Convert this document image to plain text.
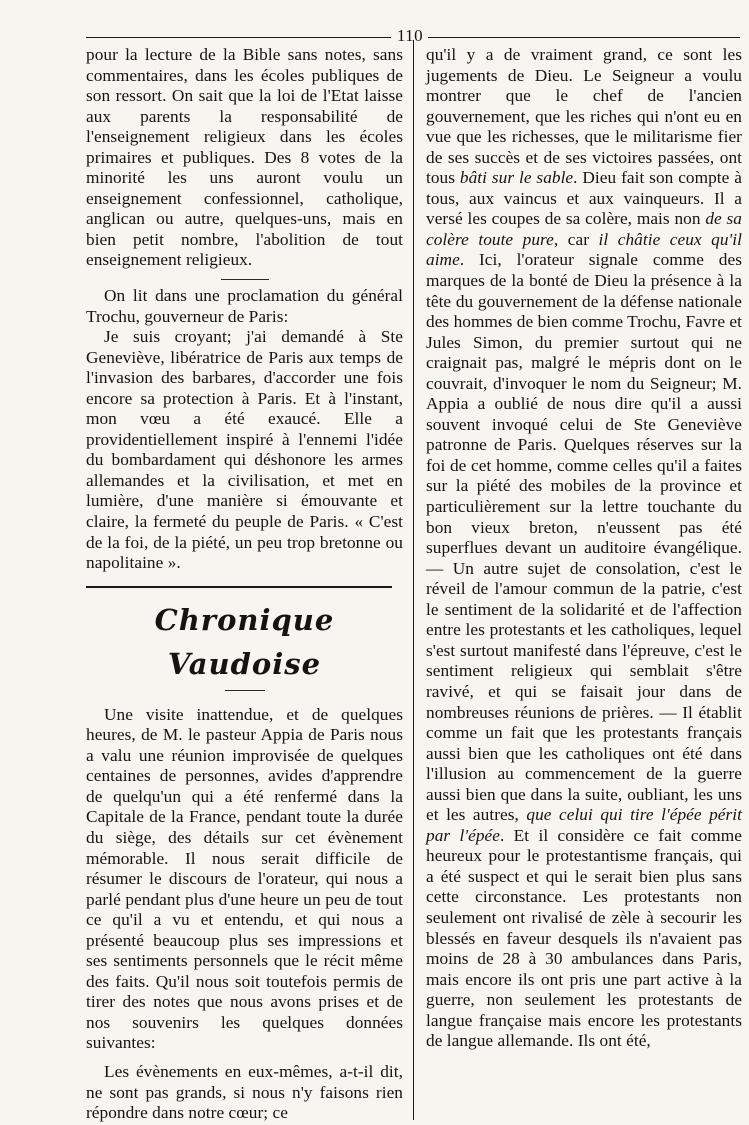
110

pour la lecture de la Bible sans notes, sans commentaires, dans les écoles publiques de son ressort. On sait que la loi de l'Etat laisse aux parents la responsabilité de l'enseignement religieux dans les écoles primaires et publiques. Des 8 votes de la minorité les uns auront voulu un enseignement confessionnel, catholique, anglican ou autre, quelques-uns, mais en bien petit nombre, l'abolition de tout enseignement religieux.

On lit dans une proclamation du général Trochu, gouverneur de Paris:

Je suis croyant; j'ai demandé à Ste Geneviève, libératrice de Paris aux temps de l'invasion des barbares, d'accorder une fois encore sa protection à Paris. Et à l'instant, mon vœu a été exaucé. Elle a providentiellement inspiré à l'ennemi l'idée du bombardament qui déshonore les armes allemandes et la civilisation, et met en lumière, d'une manière si émouvante et claire, la fermeté du peuple de Paris. « C'est de la foi, de la piété, un peu trop bretonne ou napolitaine ».

Chronique Vaudoise

Une visite inattendue, et de quelques heures, de M. le pasteur Appia de Paris nous a valu une réunion improvisée de quelques centaines de personnes, avides d'apprendre de quelqu'un qui a été renfermé dans la Capitale de la France, pendant toute la durée du siège, des détails sur cet évènement mémorable. Il nous serait difficile de résumer le discours de l'orateur, qui nous a parlé pendant plus d'une heure un peu de tout ce qu'il a vu et entendu, et qui nous a présenté beaucoup plus ses impressions et ses sentiments personnels que le récit même des faits. Qu'il nous soit toutefois permis de tirer des notes que nous avons prises et de nos souvenirs les quelques données suivantes:

Les évènements en eux-mêmes, a-t-il dit, ne sont pas grands, si nous n'y faisons rien répondre dans notre cœur; ce

qu'il y a de vraiment grand, ce sont les jugements de Dieu. Le Seigneur a voulu montrer que le chef de l'ancien gouvernement, que les riches qui n'ont eu en vue que les richesses, que le militarisme fier de ses succès et de ses victoires passées, ont tous bâti sur le sable. Dieu fait son compte à tous, aux vaincus et aux vainqueurs. Il a versé les coupes de sa colère, mais non de sa colère toute pure, car il châtie ceux qu'il aime. Ici, l'orateur signale comme des marques de la bonté de Dieu la présence à la tête du gouvernement de la défense nationale des hommes de bien comme Trochu, Favre et Jules Simon, du premier surtout qui ne craignait pas, malgré le mépris dont on le couvrait, d'invoquer le nom du Seigneur; M. Appia a oublié de nous dire qu'il a aussi souvent invoqué celui de Ste Geneviève patronne de Paris. Quelques réserves sur la foi de cet homme, comme celles qu'il a faites sur la piété des mobiles de la province et particulièrement sur la lettre touchante du bon vieux breton, n'eussent pas été superflues devant un auditoire évangélique. — Un autre sujet de consolation, c'est le réveil de l'amour commun de la patrie, c'est le sentiment de la solidarité et de l'affection entre les protestants et les catholiques, lequel s'est surtout manifesté dans l'épreuve, c'est le sentiment religieux qui semblait s'être ravivé, et qui se faisait jour dans de nombreuses réunions de prières. — Il établit comme un fait que les protestants français aussi bien que les catholiques ont été dans l'illusion au commencement de la guerre aussi bien que dans la suite, oubliant, les uns et les autres, que celui qui tire l'épée périt par l'épée. Et il considère ce fait comme heureux pour le protestantisme français, qui a été suspect et qui le serait bien plus sans cette circonstance. Les protestants non seulement ont rivalisé de zèle à secourir les blessés en faveur desquels ils n'avaient pas moins de 28 à 30 ambulances dans Paris, mais encore ils ont pris une part active à la guerre, non seulement les protestants de langue française mais encore les protestants de langue allemande. Ils ont été,
